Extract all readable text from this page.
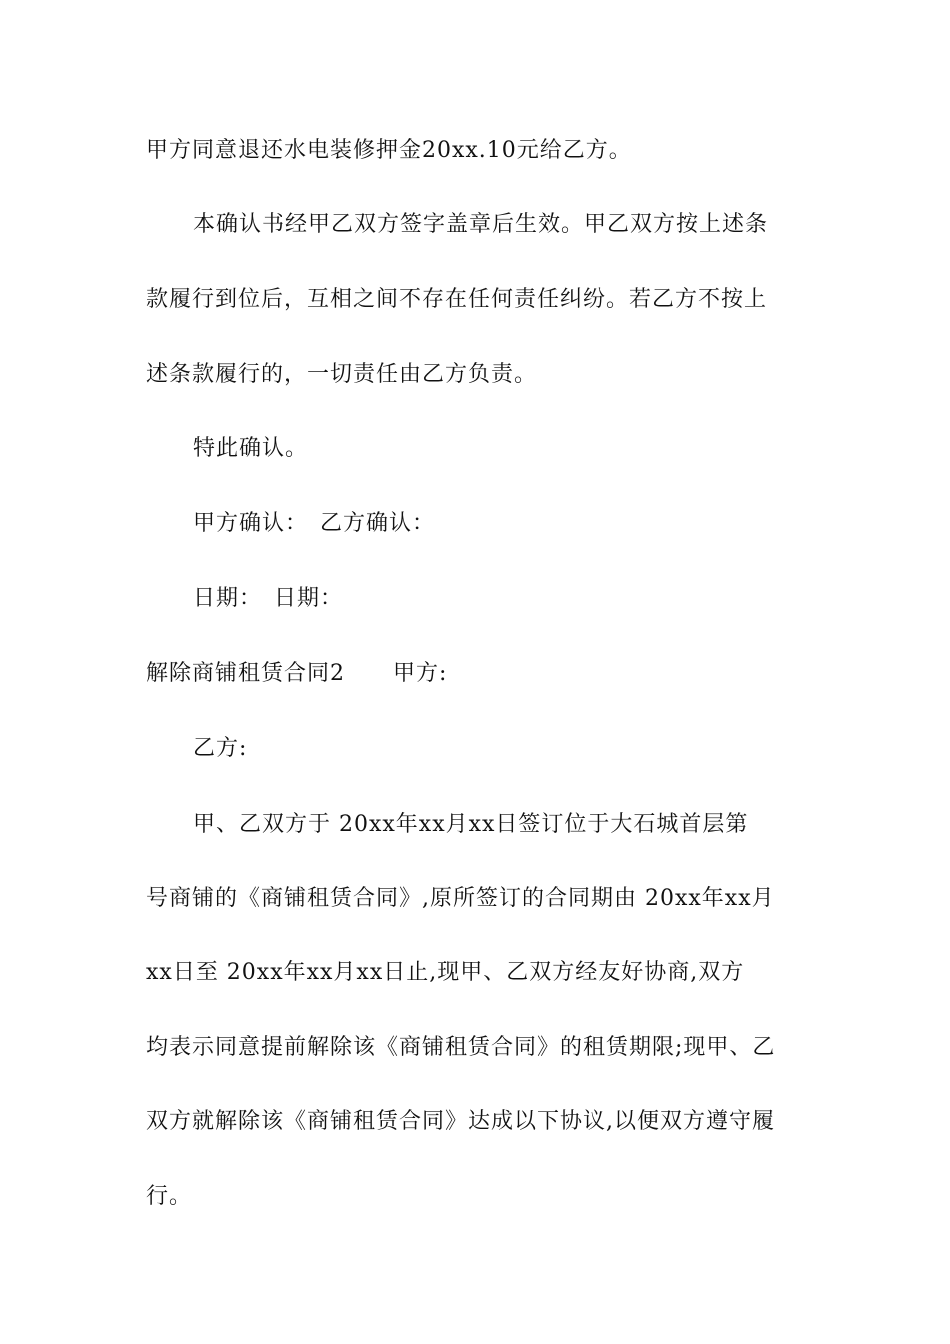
甲方同意退还水电装修押金20xx.10元给乙方。
本确认书经甲乙双方签字盖章后生效。甲乙双方按上述条
款履行到位后，互相之间不存在任何责任纠纷。若乙方不按上
述条款履行的，一切责任由乙方负责。
特此确认。
甲方确认：　乙方确认：
日期：　日期：
解除商铺租赁合同2 甲方:
乙方:
甲、乙双方于 20xx年xx月xx日签订位于大石城首层第
号商铺的《商铺租赁合同》,原所签订的合同期由 20xx年xx月
xx日至 20xx年xx月xx日止,现甲、乙双方经友好协商,双方
均表示同意提前解除该《商铺租赁合同》的租赁期限;现甲、乙
双方就解除该《商铺租赁合同》达成以下协议,以便双方遵守履
行。
